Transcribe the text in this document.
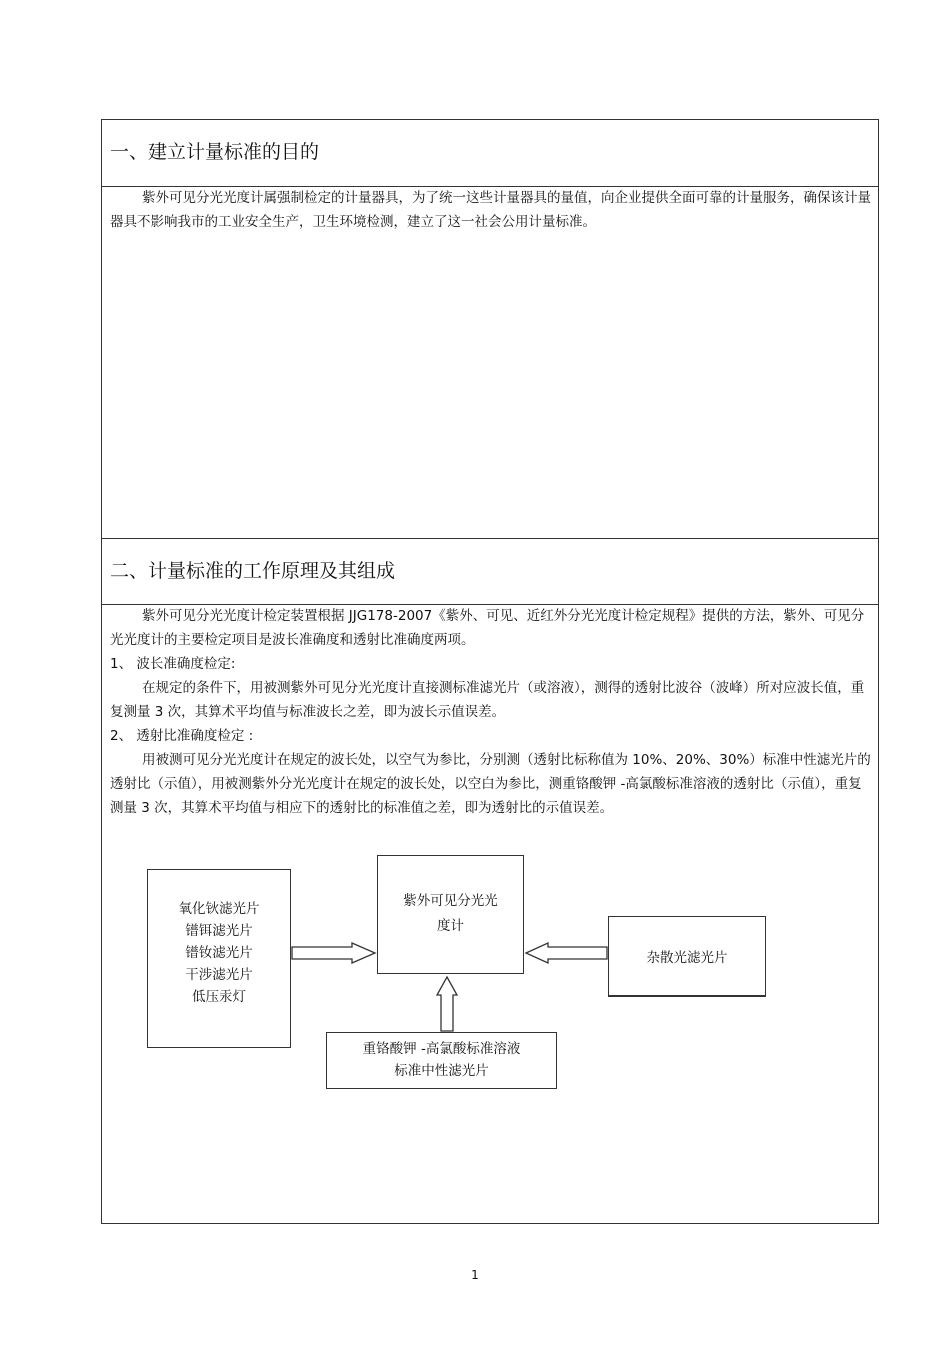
一、建立计量标准的目的

紫外可见分光光度计属强制检定的计量器具，为了统一这些计量器具的量值，向企业提供全面可靠的计量服务，确保该计量器具不影响我市的工业安全生产，卫生环境检测，建立了这一社会公用计量标准。

二、计量标准的工作原理及其组成

紫外可见分光光度计检定装置根据 JJG178-2007《紫外、可见、近红外分光光度计检定规程》提供的方法，紫外、可见分光光度计的主要检定项目是波长准确度和透射比准确度两项。

1、 波长准确度检定:

在规定的条件下，用被测紫外可见分光光度计直接测标准滤光片（或溶液），测得的透射比波谷（波峰）所对应波长值，重复测量 3 次，其算术平均值与标准波长之差，即为波长示值误差。

2、 透射比准确度检定 :

用被测可见分光光度计在规定的波长处，以空气为参比，分别测（透射比标称值为 10%、20%、30%）标准中性滤光片的透射比（示值），用被测紫外分光光度计在规定的波长处，以空白为参比，测重铬酸钾 -高氯酸标准溶液的透射比（示值），重复测量 3 次，其算术平均值与相应下的透射比的标准值之差，即为透射比的示值误差。

氧化钬滤光片
镨铒滤光片
镨钕滤光片
干涉滤光片
低压汞灯
紫外可见分光光
度计
杂散光滤光片
重铬酸钾 -高氯酸标准溶液
标准中性滤光片
1
